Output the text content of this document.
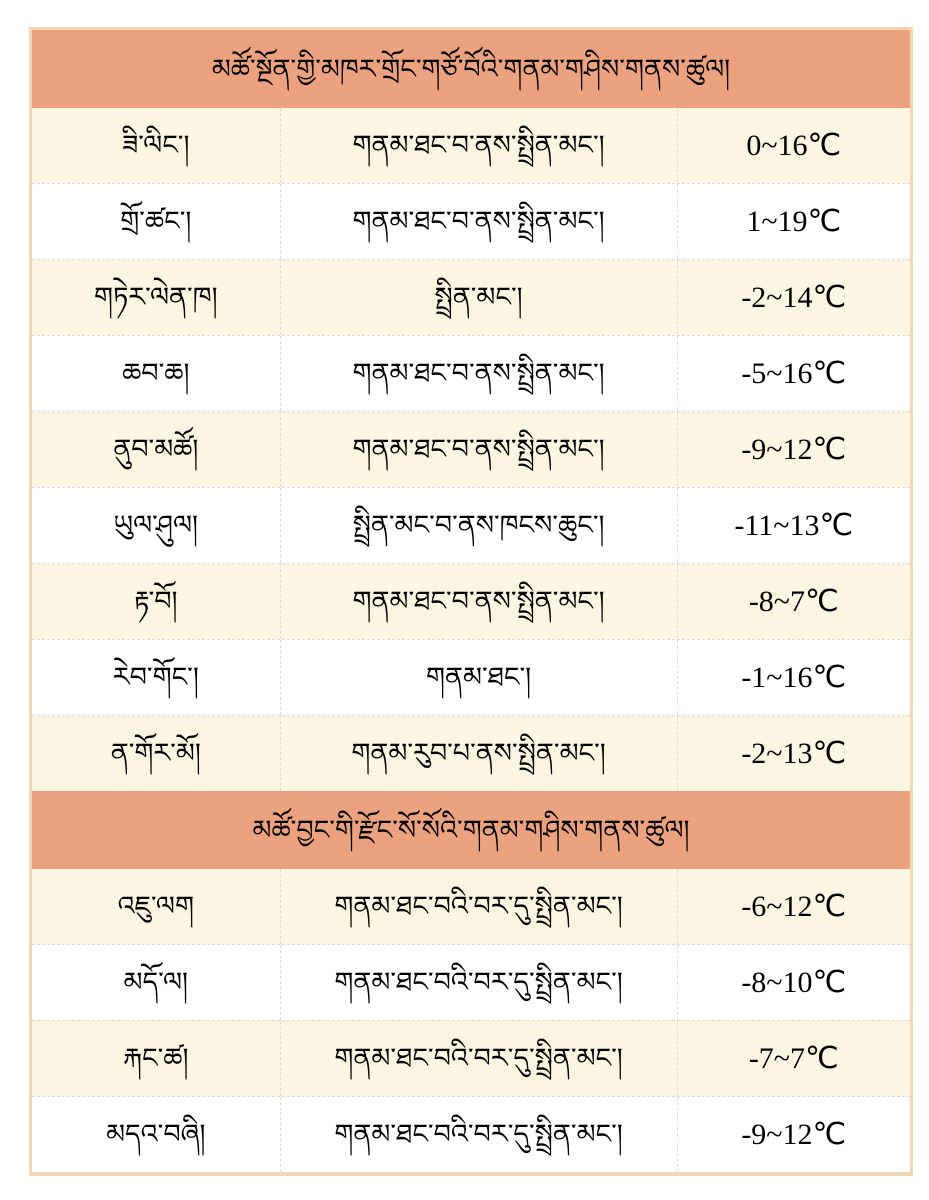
མཚོ་སྔོན་གྱི་མཁར་གྲོང་གཙོ་བོའི་གནམ་གཤིས་གནས་ཚུལ།
ཟི་ལིང་།	གནམ་ཐང་བ་ནས་སྤྲིན་མང་།	0~16℃
གྲོ་ཚང་།	གནམ་ཐང་བ་ནས་སྤྲིན་མང་།	1~19℃
གཏེར་ལེན་ཁ།	སྤྲིན་མང་།	-2~14℃
ཆབ་ཆ།	གནམ་ཐང་བ་ནས་སྤྲིན་མང་།	-5~16℃
ནུབ་མཚོ།	གནམ་ཐང་བ་ནས་སྤྲིན་མང་།	-9~12℃
ཡུལ་ཤུལ།	སྤྲིན་མང་བ་ནས་ཁངས་ཆུང་།	-11~13℃
རྟ་བོ།	གནམ་ཐང་བ་ནས་སྤྲིན་མང་།	-8~7℃
རེབ་གོང་།	གནམ་ཐང་།	-1~16℃
ན་གོར་མོ།	གནམ་རུབ་པ་ནས་སྤྲིན་མང་།	-2~13℃
མཚོ་བྱང་གི་རྫོང་སོ་སོའི་གནམ་གཤིས་གནས་ཚུལ།
འཇུ་ལག	གནམ་ཐང་བའི་བར་དུ་སྤྲིན་མང་།	-6~12℃
མདོ་ལ།	གནམ་ཐང་བའི་བར་དུ་སྤྲིན་མང་།	-8~10℃
རྐང་ཚ།	གནམ་ཐང་བའི་བར་དུ་སྤྲིན་མང་།	-7~7℃
མདའ་བཞི།	གནམ་ཐང་བའི་བར་དུ་སྤྲིན་མང་།	-9~12℃
